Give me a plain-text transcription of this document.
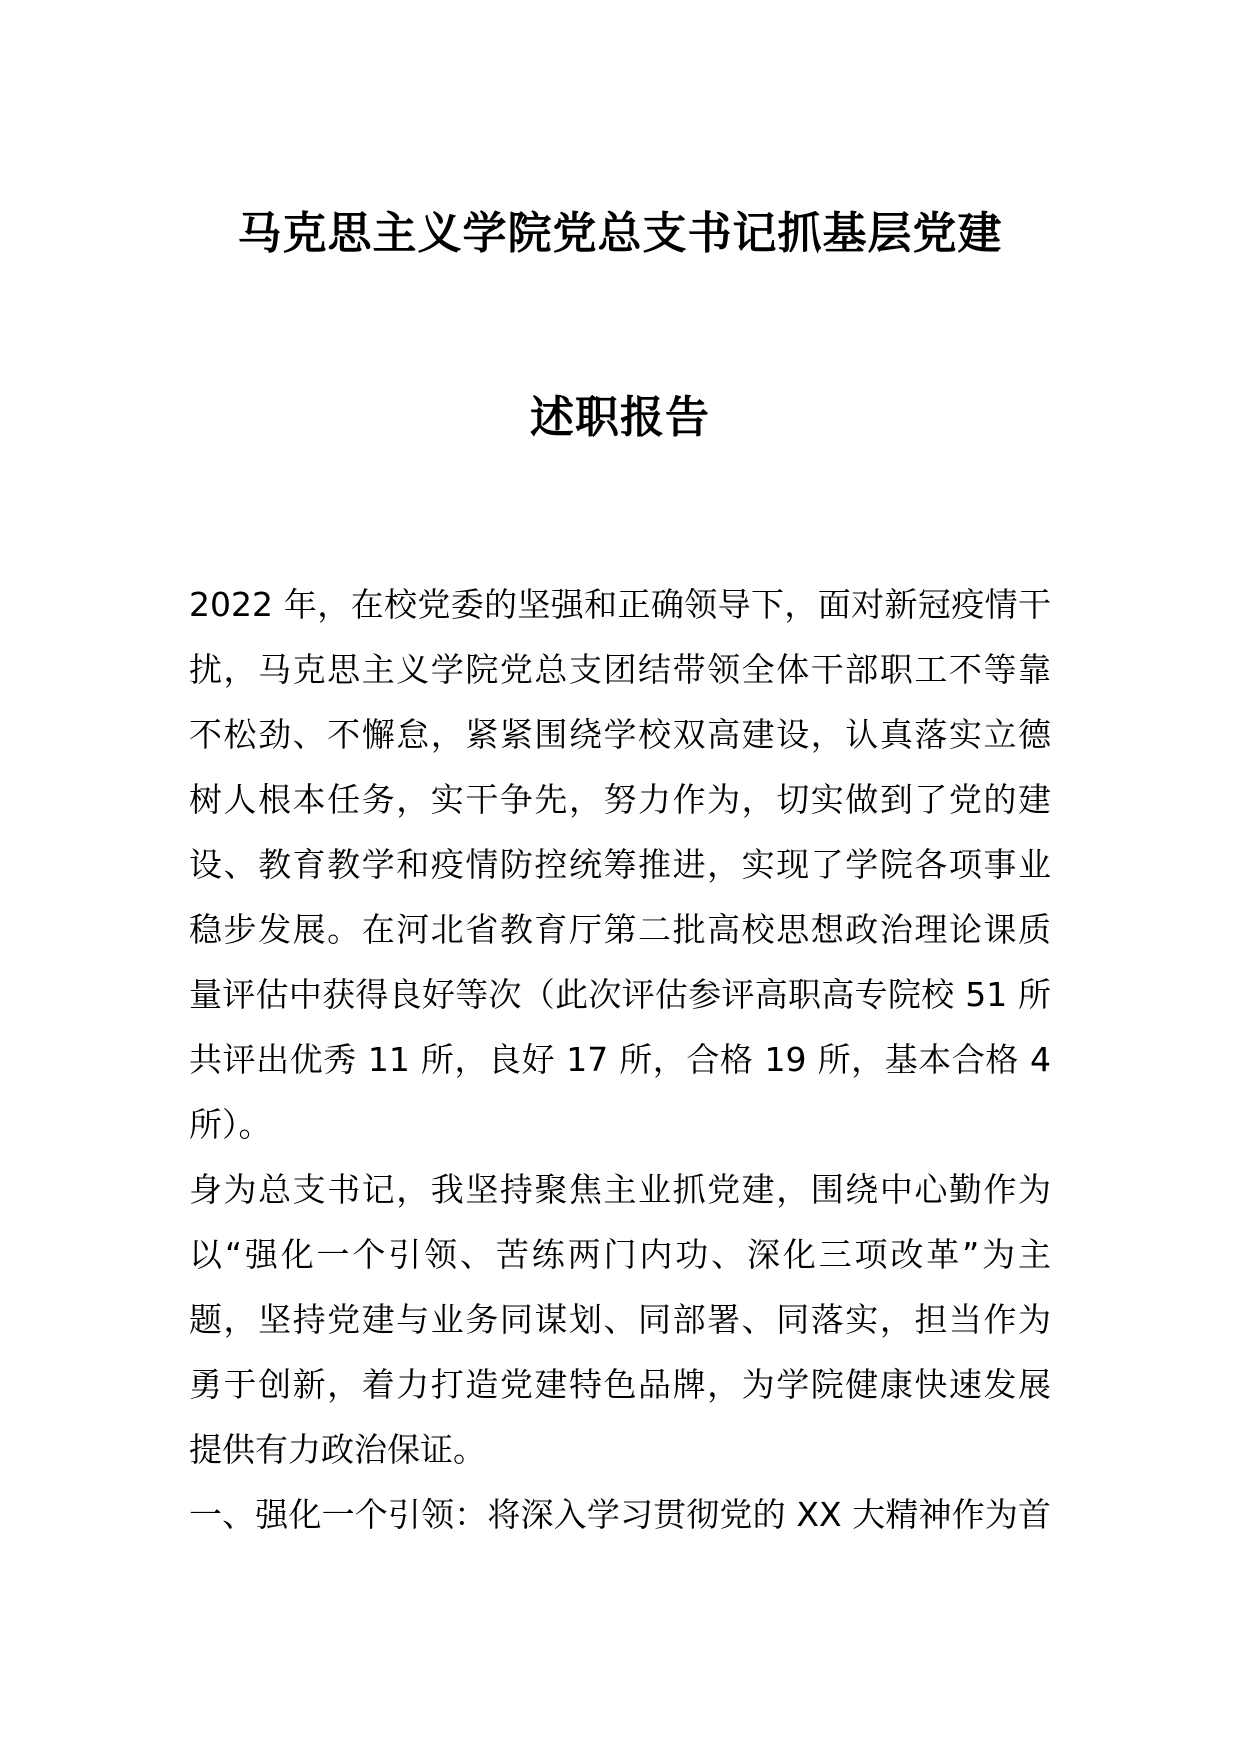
马克思主义学院党总支书记抓基层党建
述职报告
2022 年，在校党委的坚强和正确领导下，面对新冠疫情干
扰，马克思主义学院党总支团结带领全体干部职工不等靠
不松劲、不懈怠，紧紧围绕学校双高建设，认真落实立德
树人根本任务，实干争先，努力作为，切实做到了党的建
设、教育教学和疫情防控统筹推进，实现了学院各项事业
稳步发展。在河北省教育厅第二批高校思想政治理论课质
量评估中获得良好等次（此次评估参评高职高专院校 51 所
共评出优秀 11 所，良好 17 所，合格 19 所，基本合格 4
所）。
身为总支书记，我坚持聚焦主业抓党建，围绕中心勤作为
以“强化一个引领、苦练两门内功、深化三项改革”为主
题，坚持党建与业务同谋划、同部署、同落实，担当作为
勇于创新，着力打造党建特色品牌，为学院健康快速发展
提供有力政治保证。
一、强化一个引领：将深入学习贯彻党的 XX 大精神作为首
